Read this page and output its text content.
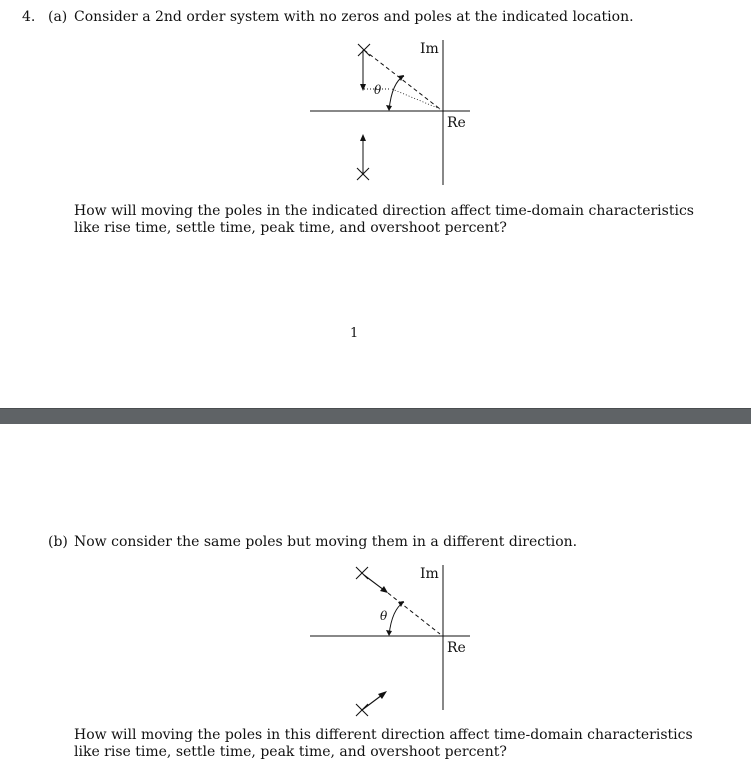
4. (a) Consider a 2nd order system with no zeros and poles at the indicated location.
Im
Re
θ
How will moving the poles in the indicated direction affect time-domain characteristics like rise time, settle time, peak time, and overshoot percent?
1
(b) Now consider the same poles but moving them in a different direction.
Im
Re
θ
How will moving the poles in this different direction affect time-domain characteristics like rise time, settle time, peak time, and overshoot percent?
